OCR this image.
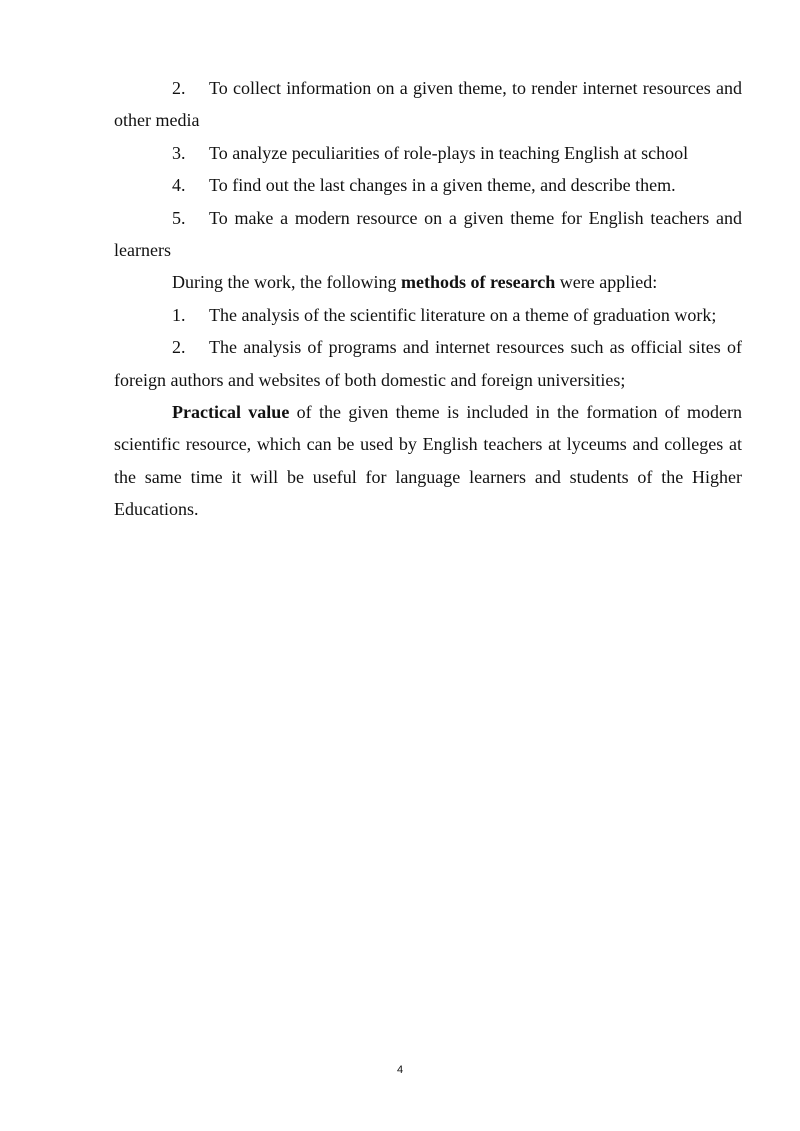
2. To collect information on a given theme, to render internet resources and other media

3. To analyze peculiarities of role-plays in teaching English at school

4. To find out the last changes in a given theme, and describe them.

5. To make a modern resource on a given theme for English teachers and learners

During the work, the following methods of research were applied:

1. The analysis of the scientific literature on a theme of graduation work;

2. The analysis of programs and internet resources such as official sites of foreign authors and websites of both domestic and foreign universities;

Practical value of the given theme is included in the formation of modern scientific resource, which can be used by English teachers at lyceums and colleges at the same time it will be useful for language learners and students of the Higher Educations.

4
